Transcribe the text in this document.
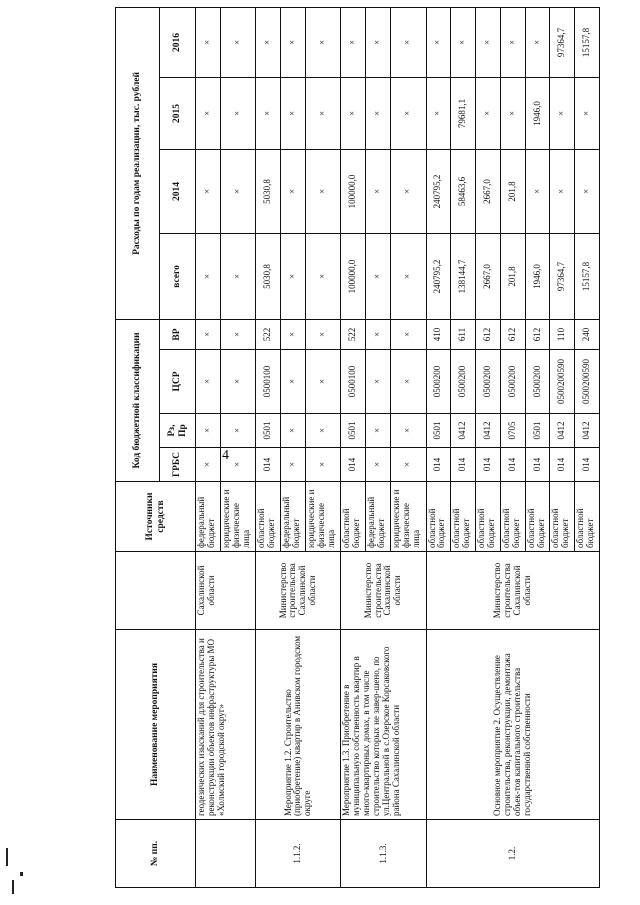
4
№ пп.	Наименование мероприятия		Источники средств	Код бюджетной классификации				Расходы по годам реализации, тыс. рублей			
				ГРБС	Рз, Пр	ЦСР	ВР	всего	2014	2015	2016
	геодезических изысканий для строительства и реконструкции объектов инфраструктуры МО «Холмский городской округ»	Сахалинской области	федеральный бюджет	×	×	×	×	×	×	×	×
			юридические и физические лица	×	×	×	×	×	×	×	×
1.1.2.	Мероприятие 1.2. Строительство (приобретение) квартир в Анивском городском округе	Министерство строительства Сахалинской области	областной бюджет	014	0501	0500100	522	5030,8	5030,8	×	×
			федеральный бюджет	×	×	×	×	×	×	×	×
			юридические и физические лица	×	×	×	×	×	×	×	×
1.1.3.	Мероприятие 1.3. Приобретение в муниципальную собственность квартир в много-квартирных домах, в том числе строительство которых не завер-шено, по ул.Центральной в с.Озерское Корсаковского района Сахалинской области	Министерство строительства Сахалинской области	областной бюджет	014	0501	0500100	522	100000,0	100000,0	×	×
			федеральный бюджет	×	×	×	×	×	×	×	×
			юридические и физические лица	×	×	×	×	×	×	×	×
1.2.	Основное мероприятие 2. Осуществление строительства, реконструкции, демонтажа объек-тов капитального строительства государственной собственности	Министерство строительства Сахалинской области	областной бюджет	014	0501	0500200	410	240795,2	240795,2	×	×
			областной бюджет	014	0412	0500200	611	138144,7	58463,6	79681,1	×
			областной бюджет	014	0412	0500200	612	2667,0	2667,0	×	×
			областной бюджет	014	0705	0500200	612	201,8	201,8	×	×
			областной бюджет	014	0501	0500200	612	1946,0	×	1946,0	×
			областной бюджет	014	0412	0500200590	110	97364,7	×	×	97364,7
			областной бюджет	014	0412	0500200590	240	15157,8	×	×	15157,8
